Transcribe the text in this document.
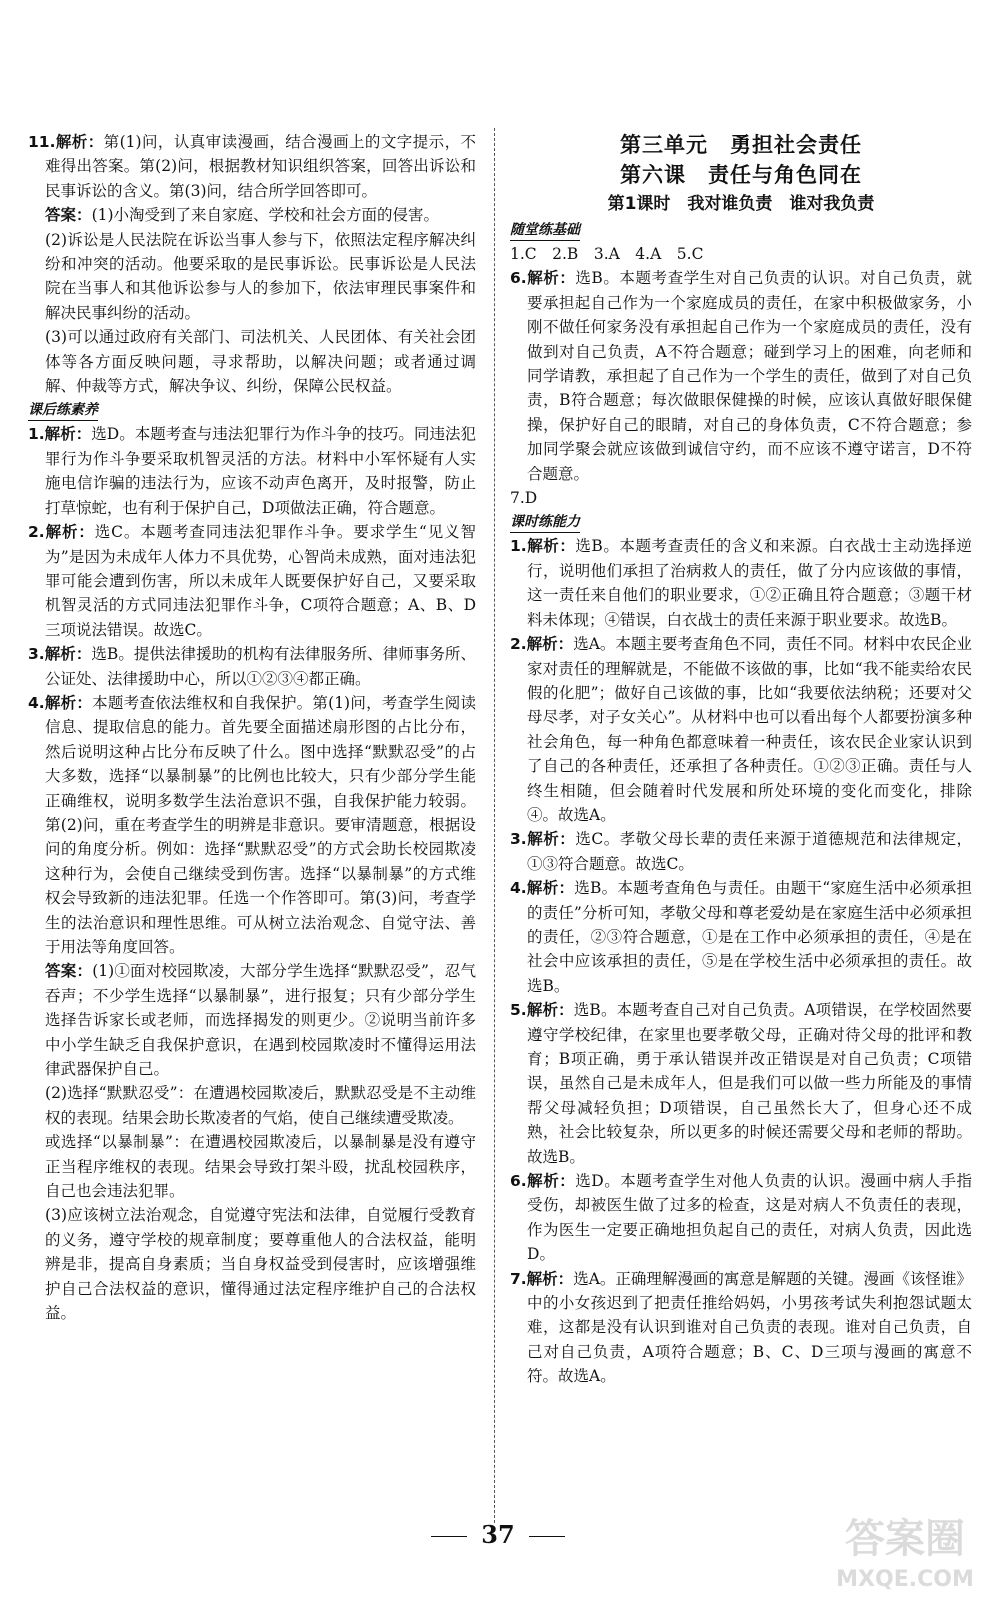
11.解析：第(1)问，认真审读漫画，结合漫画上的文字提示，不难得出答案。第(2)问，根据教材知识组织答案，回答出诉讼和民事诉讼的含义。第(3)问，结合所学回答即可。

答案：(1)小淘受到了来自家庭、学校和社会方面的侵害。

(2)诉讼是人民法院在诉讼当事人参与下，依照法定程序解决纠纷和冲突的活动。他要采取的是民事诉讼。民事诉讼是人民法院在当事人和其他诉讼参与人的参加下，依法审理民事案件和解决民事纠纷的活动。

(3)可以通过政府有关部门、司法机关、人民团体、有关社会团体等各方面反映问题，寻求帮助，以解决问题；或者通过调解、仲裁等方式，解决争议、纠纷，保障公民权益。

课后练素养

1.解析：选D。本题考查与违法犯罪行为作斗争的技巧。同违法犯罪行为作斗争要采取机智灵活的方法。材料中小军怀疑有人实施电信诈骗的违法行为，应该不动声色离开，及时报警，防止打草惊蛇，也有利于保护自己，D项做法正确，符合题意。

2.解析：选C。本题考查同违法犯罪作斗争。要求学生“见义智为”是因为未成年人体力不具优势，心智尚未成熟，面对违法犯罪可能会遭到伤害，所以未成年人既要保护好自己，又要采取机智灵活的方式同违法犯罪作斗争，C项符合题意；A、B、D三项说法错误。故选C。

3.解析：选B。提供法律援助的机构有法律服务所、律师事务所、公证处、法律援助中心，所以①②③④都正确。

4.解析：本题考查依法维权和自我保护。第(1)问，考查学生阅读信息、提取信息的能力。首先要全面描述扇形图的占比分布，然后说明这种占比分布反映了什么。图中选择“默默忍受”的占大多数，选择“以暴制暴”的比例也比较大，只有少部分学生能正确维权，说明多数学生法治意识不强，自我保护能力较弱。第(2)问，重在考查学生的明辨是非意识。要审清题意，根据设问的角度分析。例如：选择“默默忍受”的方式会助长校园欺凌这种行为，会使自己继续受到伤害。选择“以暴制暴”的方式维权会导致新的违法犯罪。任选一个作答即可。第(3)问，考查学生的法治意识和理性思维。可从树立法治观念、自觉守法、善于用法等角度回答。

答案：(1)①面对校园欺凌，大部分学生选择“默默忍受”，忍气吞声；不少学生选择“以暴制暴”，进行报复；只有少部分学生选择告诉家长或老师，而选择揭发的则更少。②说明当前许多中小学生缺乏自我保护意识，在遇到校园欺凌时不懂得运用法律武器保护自己。

(2)选择“默默忍受”：在遭遇校园欺凌后，默默忍受是不主动维权的表现。结果会助长欺凌者的气焰，使自己继续遭受欺凌。

或选择“以暴制暴”：在遭遇校园欺凌后，以暴制暴是没有遵守正当程序维权的表现。结果会导致打架斗殴，扰乱校园秩序，自己也会违法犯罪。

(3)应该树立法治观念，自觉遵守宪法和法律，自觉履行受教育的义务，遵守学校的规章制度；要尊重他人的合法权益，能明辨是非，提高自身素质；当自身权益受到侵害时，应该增强维护自己合法权益的意识，懂得通过法定程序维护自己的合法权益。

第三单元　勇担社会责任
第六课　责任与角色同在
第1课时　我对谁负责　谁对我负责
随堂练基础

1.C　2.B　3.A　4.A　5.C

6.解析：选B。本题考查学生对自己负责的认识。对自己负责，就要承担起自己作为一个家庭成员的责任，在家中积极做家务，小刚不做任何家务没有承担起自己作为一个家庭成员的责任，没有做到对自己负责，A不符合题意；碰到学习上的困难，向老师和同学请教，承担起了自己作为一个学生的责任，做到了对自己负责，B符合题意；每次做眼保健操的时候，应该认真做好眼保健操，保护好自己的眼睛，对自己的身体负责，C不符合题意；参加同学聚会就应该做到诚信守约，而不应该不遵守诺言，D不符合题意。

7.D

课时练能力

1.解析：选B。本题考查责任的含义和来源。白衣战士主动选择逆行，说明他们承担了治病救人的责任，做了分内应该做的事情，这一责任来自他们的职业要求，①②正确且符合题意；③题干材料未体现；④错误，白衣战士的责任来源于职业要求。故选B。

2.解析：选A。本题主要考查角色不同，责任不同。材料中农民企业家对责任的理解就是，不能做不该做的事，比如“我不能卖给农民假的化肥”；做好自己该做的事，比如“我要依法纳税；还要对父母尽孝，对子女关心”。从材料中也可以看出每个人都要扮演多种社会角色，每一种角色都意味着一种责任，该农民企业家认识到了自己的各种责任，还承担了各种责任。①②③正确。责任与人终生相随，但会随着时代发展和所处环境的变化而变化，排除④。故选A。

3.解析：选C。孝敬父母长辈的责任来源于道德规范和法律规定，①③符合题意。故选C。

4.解析：选B。本题考查角色与责任。由题干“家庭生活中必须承担的责任”分析可知，孝敬父母和尊老爱幼是在家庭生活中必须承担的责任，②③符合题意，①是在工作中必须承担的责任，④是在社会中应该承担的责任，⑤是在学校生活中必须承担的责任。故选B。

5.解析：选B。本题考查自己对自己负责。A项错误，在学校固然要遵守学校纪律，在家里也要孝敬父母，正确对待父母的批评和教育；B项正确，勇于承认错误并改正错误是对自己负责；C项错误，虽然自己是未成年人，但是我们可以做一些力所能及的事情帮父母减轻负担；D项错误，自己虽然长大了，但身心还不成熟，社会比较复杂，所以更多的时候还需要父母和老师的帮助。故选B。

6.解析：选D。本题考查学生对他人负责的认识。漫画中病人手指受伤，却被医生做了过多的检查，这是对病人不负责任的表现，作为医生一定要正确地担负起自己的责任，对病人负责，因此选D。

7.解析：选A。正确理解漫画的寓意是解题的关键。漫画《该怪谁》中的小女孩迟到了把责任推给妈妈，小男孩考试失利抱怨试题太难，这都是没有认识到谁对自己负责的表现。谁对自己负责，自己对自己负责，A项符合题意；B、C、D三项与漫画的寓意不符。故选A。

37	答案圈
MXQE.COM
